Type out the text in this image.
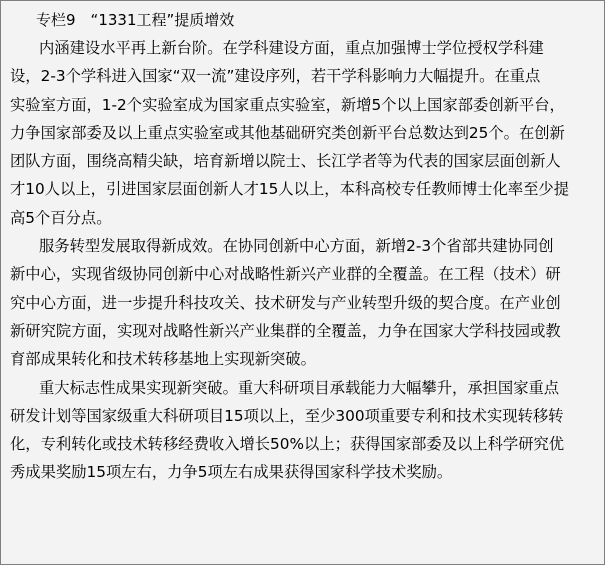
专栏9　“1331工程”提质增效
内涵建设水平再上新台阶。在学科建设方面，重点加强博士学位授权学科建
设，2-3个学科进入国家“双一流”建设序列，若干学科影响力大幅提升。在重点
实验室方面，1-2个实验室成为国家重点实验室，新增5个以上国家部委创新平台，
力争国家部委及以上重点实验室或其他基础研究类创新平台总数达到25个。在创新
团队方面，围绕高精尖缺，培育新增以院士、长江学者等为代表的国家层面创新人
才10人以上，引进国家层面创新人才15人以上，本科高校专任教师博士化率至少提
高5个百分点。
服务转型发展取得新成效。在协同创新中心方面，新增2-3个省部共建协同创
新中心，实现省级协同创新中心对战略性新兴产业群的全覆盖。在工程（技术）研
究中心方面，进一步提升科技攻关、技术研发与产业转型升级的契合度。在产业创
新研究院方面，实现对战略性新兴产业集群的全覆盖，力争在国家大学科技园或教
育部成果转化和技术转移基地上实现新突破。
重大标志性成果实现新突破。重大科研项目承载能力大幅攀升，承担国家重点
研发计划等国家级重大科研项目15项以上，至少300项重要专利和技术实现转移转
化，专利转化或技术转移经费收入增长50%以上；获得国家部委及以上科学研究优
秀成果奖励15项左右，力争5项左右成果获得国家科学技术奖励。
